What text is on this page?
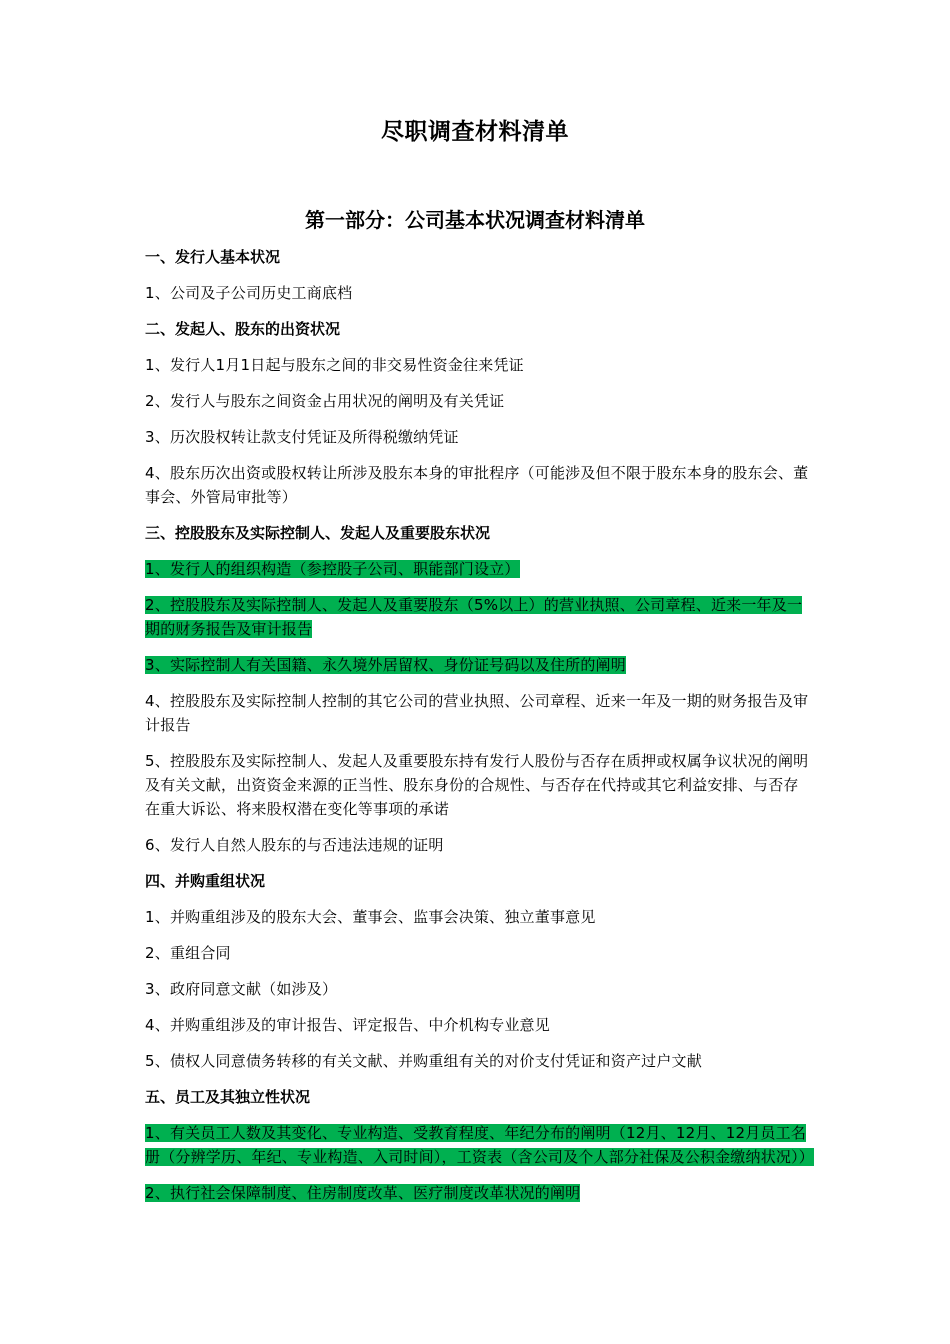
尽职调查材料清单
第一部分：公司基本状况调查材料清单
一、发行人基本状况
1、公司及子公司历史工商底档
二、发起人、股东的出资状况
1、发行人1月1日起与股东之间的非交易性资金往来凭证
2、发行人与股东之间资金占用状况的阐明及有关凭证
3、历次股权转让款支付凭证及所得税缴纳凭证
4、股东历次出资或股权转让所涉及股东本身的审批程序（可能涉及但不限于股东本身的股东会、董事会、外管局审批等）
三、控股股东及实际控制人、发起人及重要股东状况
1、发行人的组织构造（参控股子公司、职能部门设立）
2、控股股东及实际控制人、发起人及重要股东（5%以上）的营业执照、公司章程、近来一年及一期的财务报告及审计报告
3、实际控制人有关国籍、永久境外居留权、身份证号码以及住所的阐明
4、控股股东及实际控制人控制的其它公司的营业执照、公司章程、近来一年及一期的财务报告及审计报告
5、控股股东及实际控制人、发起人及重要股东持有发行人股份与否存在质押或权属争议状况的阐明及有关文献，出资资金来源的正当性、股东身份的合规性、与否存在代持或其它利益安排、与否存在重大诉讼、将来股权潜在变化等事项的承诺
6、发行人自然人股东的与否违法违规的证明
四、并购重组状况
1、并购重组涉及的股东大会、董事会、监事会决策、独立董事意见
2、重组合同
3、政府同意文献（如涉及）
4、并购重组涉及的审计报告、评定报告、中介机构专业意见
5、债权人同意债务转移的有关文献、并购重组有关的对价支付凭证和资产过户文献
五、员工及其独立性状况
1、有关员工人数及其变化、专业构造、受教育程度、年纪分布的阐明（12月、12月、12月员工名册（分辨学历、年纪、专业构造、入司时间），工资表（含公司及个人部分社保及公积金缴纳状况））
2、执行社会保障制度、住房制度改革、医疗制度改革状况的阐明
